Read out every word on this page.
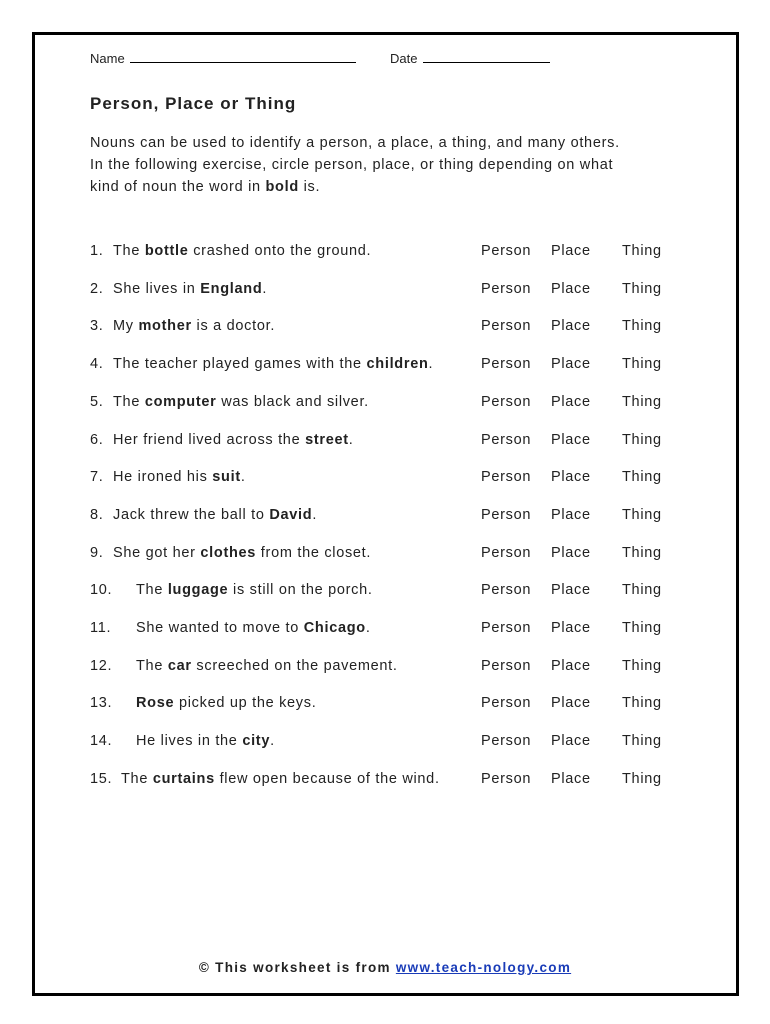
Name	Date
Person, Place or Thing
Nouns can be used to identify a person, a place, a thing, and many others.
In the following exercise, circle person, place, or thing depending on what
kind of noun the word in bold is.
1. The bottle crashed onto the ground.	Person Place Thing
2. She lives in England.	Person Place Thing
3. My mother is a doctor.	Person Place Thing
4. The teacher played games with the children.	Person Place Thing
5. The computer was black and silver.	Person Place Thing
6. Her friend lived across the street.	Person Place Thing
7. He ironed his suit.	Person Place Thing
8. Jack threw the ball to David.	Person Place Thing
9. She got her clothes from the closet.	Person Place Thing
10. The luggage is still on the porch.	Person Place Thing
11. She wanted to move to Chicago.	Person Place Thing
12. The car screeched on the pavement.	Person Place Thing
13. Rose picked up the keys.	Person Place Thing
14. He lives in the city.	Person Place Thing
15. The curtains flew open because of the wind.	Person Place Thing
© This worksheet is from www.teach-nology.com
